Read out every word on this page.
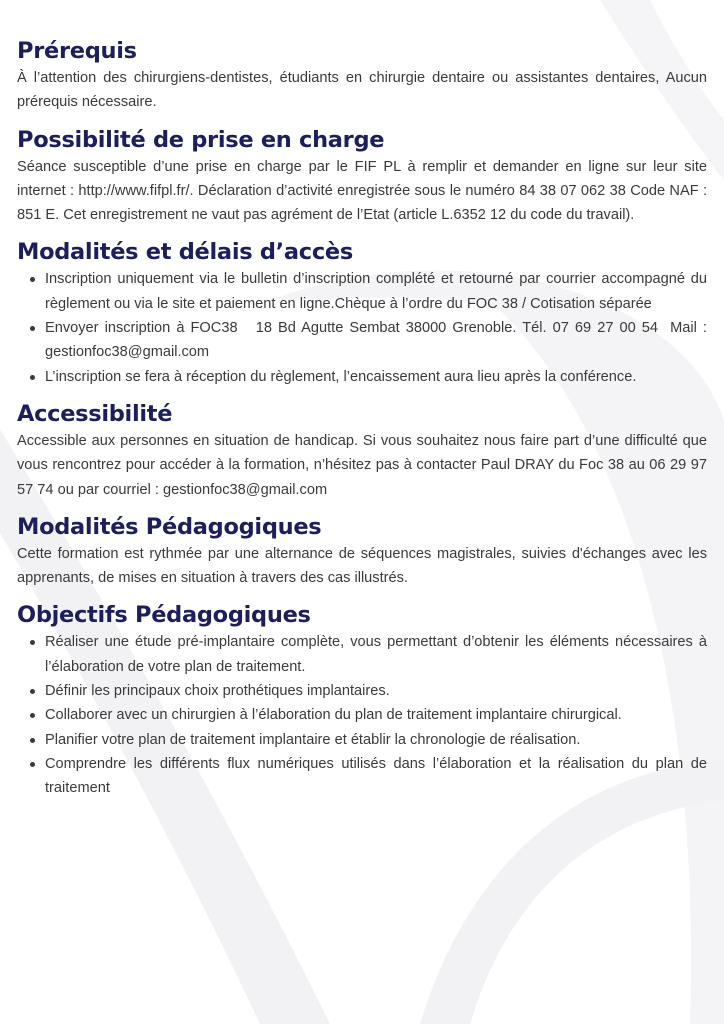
Prérequis

À l’attention des chirurgiens-dentistes, étudiants en chirurgie dentaire ou assistantes dentaires, Aucun prérequis nécessaire.

Possibilité de prise en charge

Séance susceptible d’une prise en charge par le FIF PL à remplir et demander en ligne sur leur site internet : http://www.fifpl.fr/. Déclaration d’activité enregistrée sous le numéro 84 38 07 062 38 Code NAF : 851 E. Cet enregistrement ne vaut pas agrément de l’Etat (article L.6352 12 du code du travail).

Modalités et délais d’accès
Inscription uniquement via le bulletin d’inscription complété et retourné par courrier accompagné du règlement ou via le site et paiement en ligne.Chèque à l’ordre du FOC 38 / Cotisation séparée
Envoyer inscription à FOC38   18 Bd Agutte Sembat 38000 Grenoble. Tél. 07 69 27 00 54  Mail : gestionfoc38@gmail.com
L’inscription se fera à réception du règlement, l’encaissement aura lieu après la conférence.
Accessibilité

Accessible aux personnes en situation de handicap. Si vous souhaitez nous faire part d’une difficulté que vous rencontrez pour accéder à la formation, n’hésitez pas à contacter Paul DRAY du Foc 38 au 06 29 97 57 74 ou par courriel : gestionfoc38@gmail.com

Modalités Pédagogiques

Cette formation est rythmée par une alternance de séquences magistrales, suivies d'échanges avec les apprenants, de mises en situation à travers des cas illustrés.

Objectifs Pédagogiques
Réaliser une étude pré-implantaire complète, vous permettant d’obtenir les éléments nécessaires à l’élaboration de votre plan de traitement.
Définir les principaux choix prothétiques implantaires.
Collaborer avec un chirurgien à l’élaboration du plan de traitement implantaire chirurgical.
Planifier votre plan de traitement implantaire et établir la chronologie de réalisation.
Comprendre les différents flux numériques utilisés dans l’élaboration et la réalisation du plan de traitement
